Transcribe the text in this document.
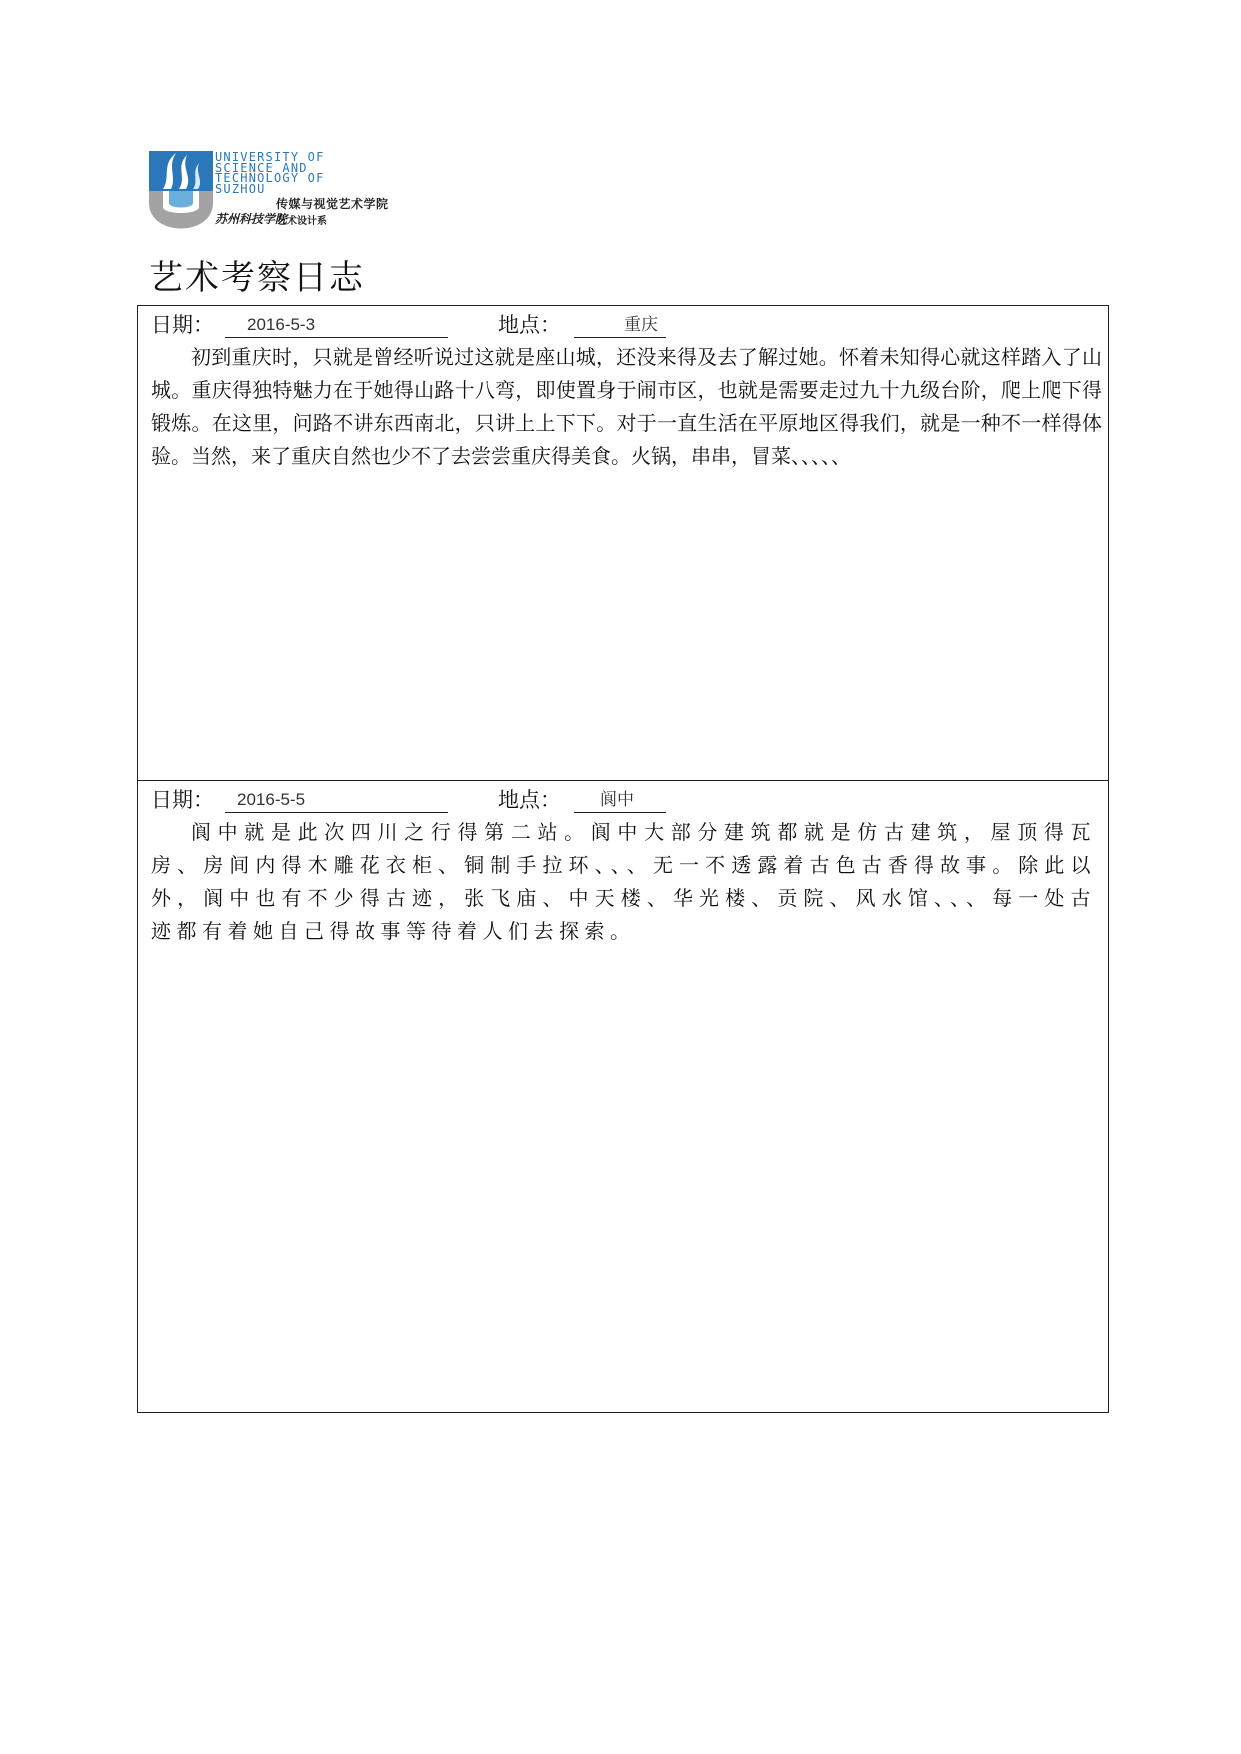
UNIVERSITY OF
SCIENCE AND
TECHNOLOGY OF
SUZHOU
传媒与视觉艺术学院
苏州科技学院
艺术设计系
艺术考察日志
日期：	2016-5-3	地点：	重庆

初到重庆时，只就是曾经听说过这就是座山城，还没来得及去了解过她。怀着未知得心就这样踏入了山城。重庆得独特魅力在于她得山路十八弯，即使置身于闹市区，也就是需要走过九十九级台阶，爬上爬下得锻炼。在这里，问路不讲东西南北，只讲上上下下。对于一直生活在平原地区得我们，就是一种不一样得体验。当然，来了重庆自然也少不了去尝尝重庆得美食。火锅，串串，冒菜、、、、、

日期：	2016-5-5	地点：	阆中

阆中就是此次四川之行得第二站。阆中大部分建筑都就是仿古建筑，屋顶得瓦房、房间内得木雕花衣柜、铜制手拉环、、、无一不透露着古色古香得故事。除此以外，阆中也有不少得古迹，张飞庙、中天楼、华光楼、贡院、风水馆、、、每一处古迹都有着她自己得故事等待着人们去探索。
